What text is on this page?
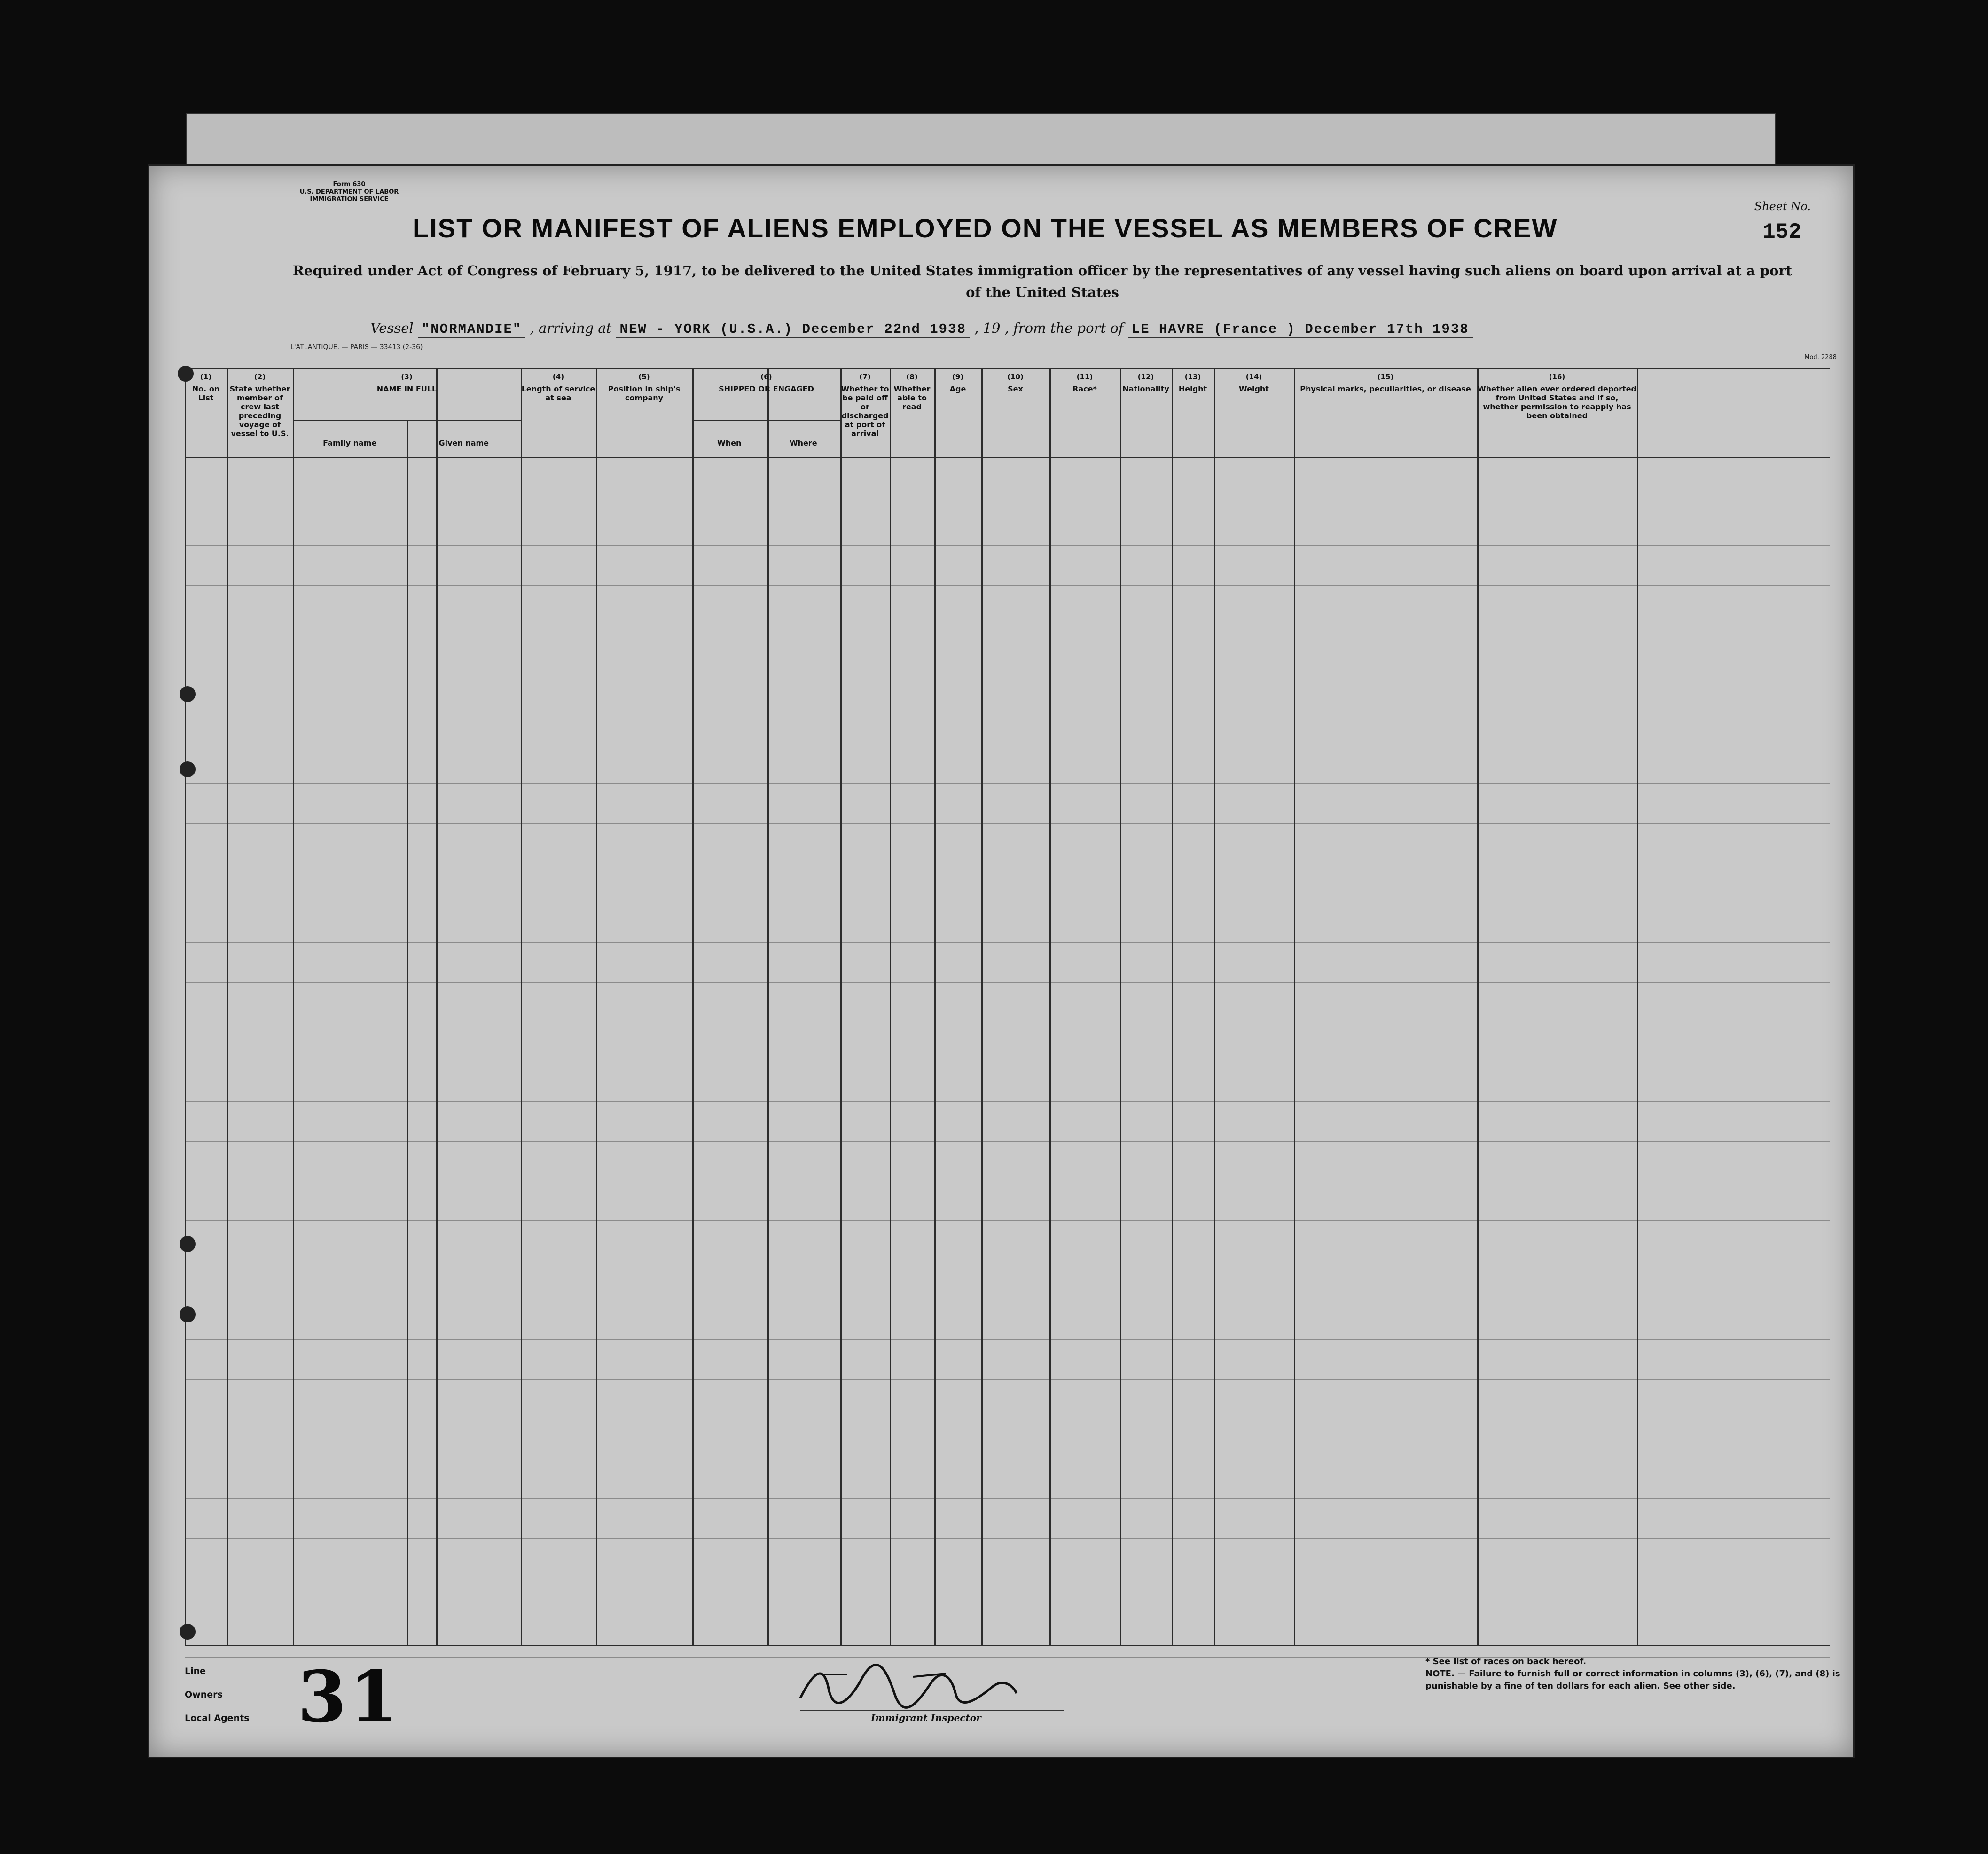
Form 630
U.S. DEPARTMENT OF LABOR
IMMIGRATION SERVICE
Sheet No.
152
LIST OR MANIFEST OF ALIENS EMPLOYED ON THE VESSEL AS MEMBERS OF CREW
Required under Act of Congress of February 5, 1917, to be delivered to the United States immigration officer by the representatives of any vessel having such aliens on board upon arrival at a port of the United States
Vessel "NORMANDIE" , arriving at NEW - YORK (U.S.A.) December 22nd 1938 , 19 , from the port of LE HAVRE (France ) December 17th 1938
L'ATLANTIQUE. — PARIS — 33413 (2-36)
Mod. 2288
(1)
No. on List
(2)
State whether member of crew last preceding voyage of vessel to U.S.
(3)
NAME IN FULL
Family name	Given name
(4)
Length of service at sea
(5)
Position in ship's company
(6)
SHIPPED OR ENGAGED
When	Where
(7)
Whether to be paid off or discharged at port of arrival
(8)
Whether able to read
(9)
Age
(10)
Sex
(11)
Race*
(12)
Nationality
(13)
Height
(14)
Weight
(15)
Physical marks, peculiarities, or disease
(16)
Whether alien ever ordered deported from United States and if so, whether permission to reapply has been obtained
Line
Owners
Local Agents 31	Immigrant Inspector
* See list of races on back hereof.
NOTE. — Failure to furnish full or correct information in columns (3), (6), (7), and (8) is punishable by a fine of ten dollars for each alien. See other side.
